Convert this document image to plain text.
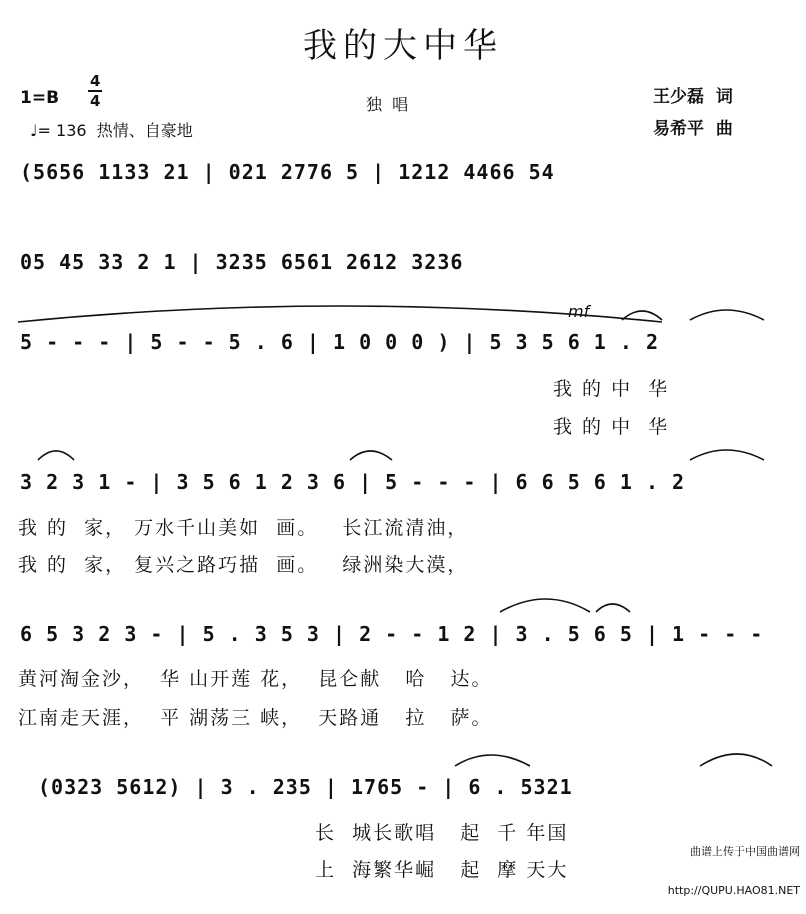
我的大中华
1=B
4
4
♩= 136  热情、自豪地
独  唱	王少磊  词
易希平  曲
(5656 1133 21 | 021 2776 5 | 1212 4466 54
05 45 33 2 1 | 3235 6561 2612 3236
5 - - - | 5 - - 5 . 6 | 1 0 0 0 ) | 5 3 5 6 1 . 2
mf
我 的 中  华
我 的 中  华
3 2 3 1 - | 3 5 6 1 2 3 6 | 5 - - - | 6 6 5 6 1 . 2
我 的  家， 万水千山美如  画。   长江流清油，
我 的  家， 复兴之路巧描  画。   绿洲染大漠，
6 5 3 2 3 - | 5 . 3 5 3 | 2 - - 1 2 | 3 . 5 6 5 | 1 - - -
黄河淘金沙，  华 山开莲 花，  昆仑献   哈   达。
江南走天涯，  平 湖荡三 峡，  天路通   拉   萨。
(0323 5612) | 3 . 235 | 1765 - | 6 . 5321
长  城长歌唱   起  千 年国
上  海繁华崛   起  摩 天大

曲谱上传于中国曲谱网

http://QUPU.HAO81.NET
